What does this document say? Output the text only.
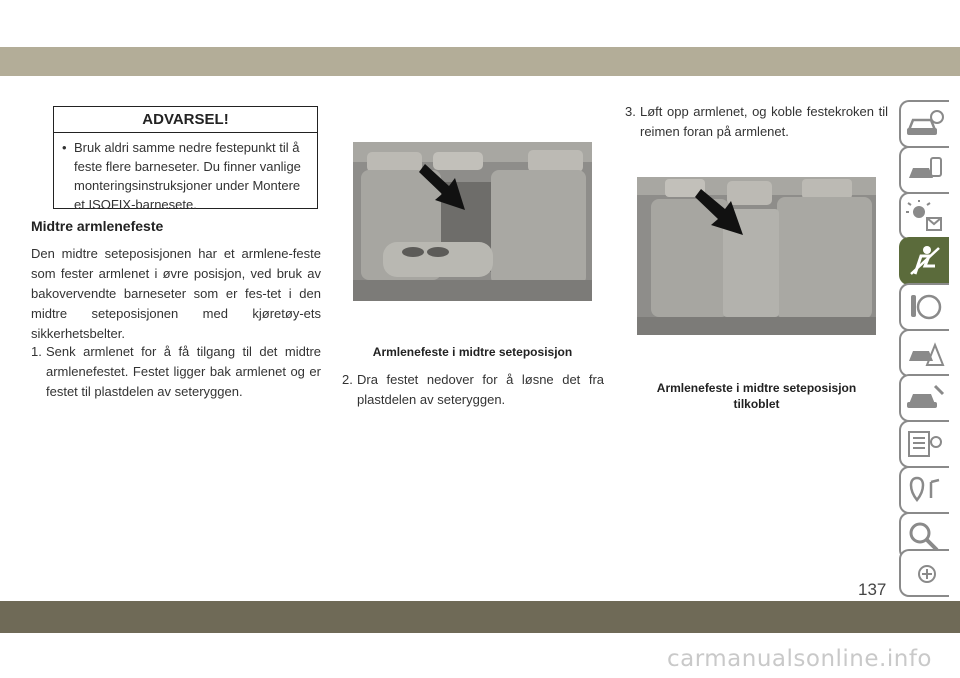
ADVARSEL!
• Bruk aldri samme nedre festepunkt til å feste flere barneseter. Du finner vanlige monteringsinstruksjoner under Montere et ISOFIX-barnesete.
Midtre armlenefeste
Den midtre seteposisjonen har et armlene-feste som fester armlenet i øvre posisjon, ved bruk av bakovervendte barneseter som er fes-tet i den midtre seteposisjonen med kjøretøy-ets sikkerhetsbelter.
1. Senk armlenet for å få tilgang til det midtre armlenefestet. Festet ligger bak armlenet og er festet til plastdelen av seteryggen.
Armlenefeste i midtre seteposisjon
2. Dra festet nedover for å løsne det fra plastdelen av seteryggen.
3. Løft opp armlenet, og koble festekroken til reimen foran på armlenet.
Armlenefeste i midtre seteposisjon
tilkoblet
137
carmanualsonline.info
